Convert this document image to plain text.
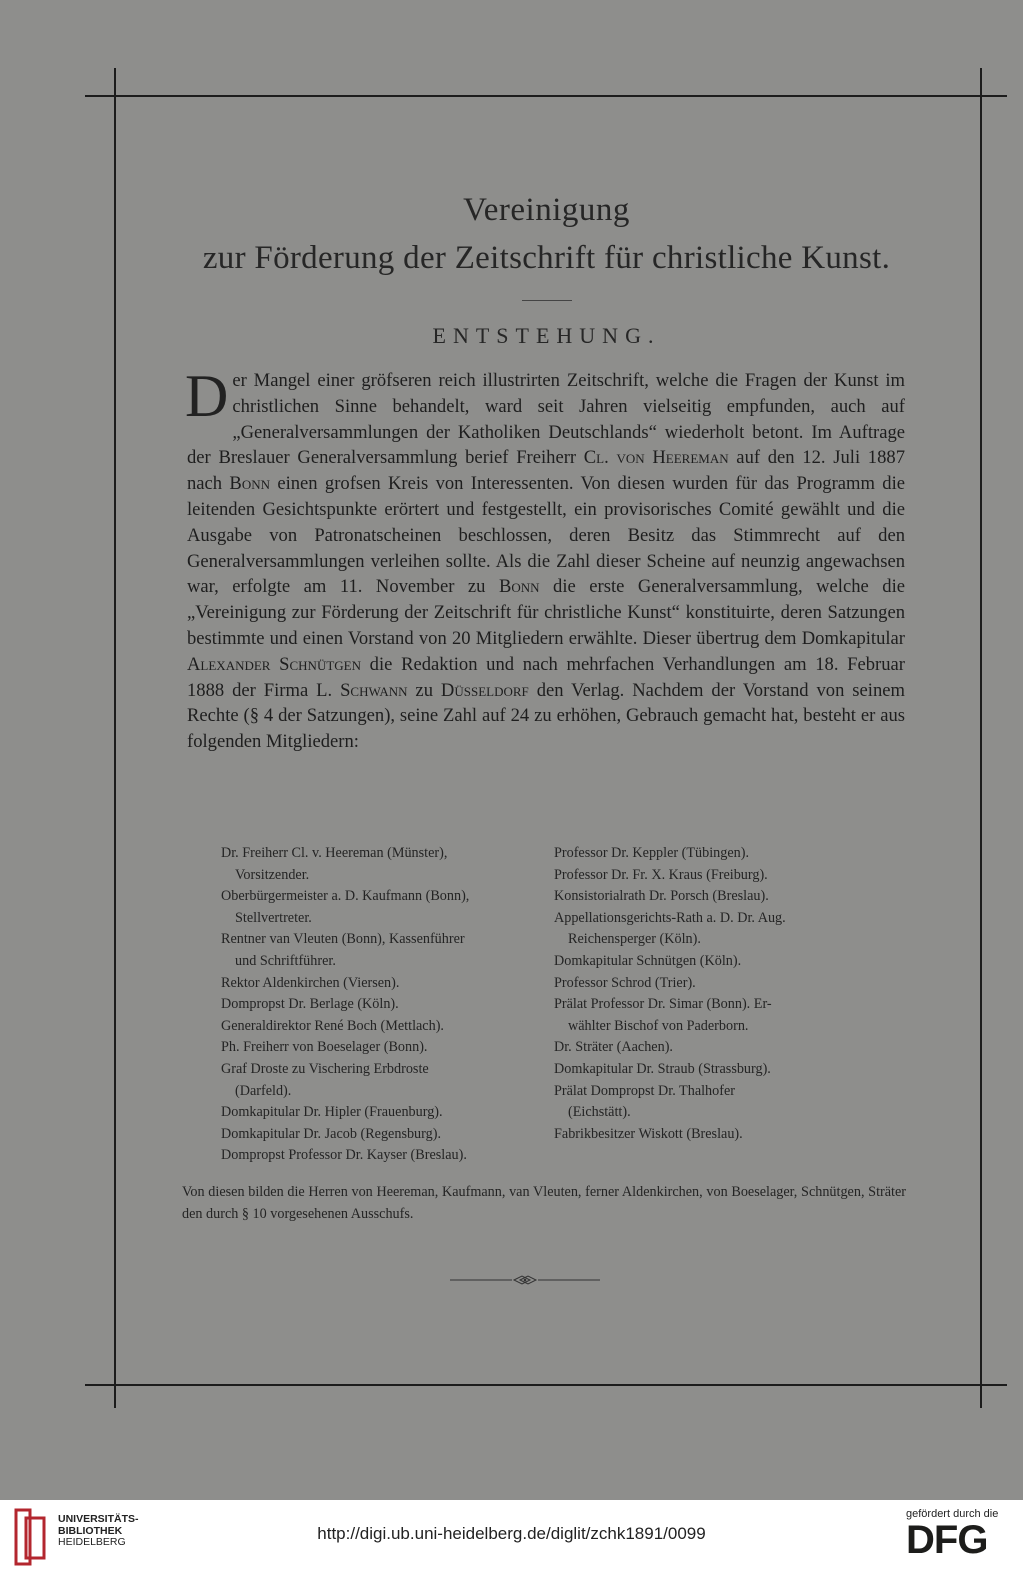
Vereinigung
zur Förderung der Zeitschrift für christliche Kunst.
ENTSTEHUNG.

Der Mangel einer gröfseren reich illustrirten Zeitschrift, welche die Fragen der Kunst im christlichen Sinne behandelt, ward seit Jahren vielseitig empfunden, auch auf „Generalversammlungen der Katholiken Deutschlands“ wiederholt betont. Im Auftrage der Breslauer Generalversammlung berief Freiherr Cl. von Heereman auf den 12. Juli 1887 nach Bonn einen grofsen Kreis von Interessenten. Von diesen wurden für das Programm die leitenden Gesichtspunkte erörtert und festgestellt, ein provisorisches Comité gewählt und die Ausgabe von Patronatscheinen beschlossen, deren Besitz das Stimmrecht auf den Generalversammlungen verleihen sollte. Als die Zahl dieser Scheine auf neunzig angewachsen war, erfolgte am 11. November zu Bonn die erste Generalversammlung, welche die „Vereinigung zur Förderung der Zeitschrift für christliche Kunst“ konstituirte, deren Satzungen bestimmte und einen Vorstand von 20 Mitgliedern erwählte. Dieser übertrug dem Domkapitular Alexander Schnütgen die Redaktion und nach mehrfachen Verhandlungen am 18. Februar 1888 der Firma L. Schwann zu Düsseldorf den Verlag. Nachdem der Vorstand von seinem Rechte (§ 4 der Satzungen), seine Zahl auf 24 zu erhöhen, Gebrauch gemacht hat, besteht er aus folgenden Mitgliedern:

Dr. Freiherr Cl. v. Heereman (Münster),
Vorsitzender.
Oberbürgermeister a. D. Kaufmann (Bonn),
Stellvertreter.
Rentner van Vleuten (Bonn), Kassenführer
und Schriftführer.
Rektor Aldenkirchen (Viersen).
Dompropst Dr. Berlage (Köln).
Generaldirektor René Boch (Mettlach).
Ph. Freiherr von Boeselager (Bonn).
Graf Droste zu Vischering Erbdroste
(Darfeld).
Domkapitular Dr. Hipler (Frauenburg).
Domkapitular Dr. Jacob (Regensburg).
Dompropst Professor Dr. Kayser (Breslau).
Professor Dr. Keppler (Tübingen).
Professor Dr. Fr. X. Kraus (Freiburg).
Konsistorialrath Dr. Porsch (Breslau).
Appellationsgerichts-Rath a. D. Dr. Aug.
Reichensperger (Köln).
Domkapitular Schnütgen (Köln).
Professor Schrod (Trier).
Prälat Professor Dr. Simar (Bonn). Er-
wählter Bischof von Paderborn.
Dr. Sträter (Aachen).
Domkapitular Dr. Straub (Strassburg).
Prälat Dompropst Dr. Thalhofer
(Eichstätt).
Fabrikbesitzer Wiskott (Breslau).
Von diesen bilden die Herren von Heereman, Kaufmann, van Vleuten, ferner Aldenkirchen, von Boeselager, Schnütgen, Sträter den durch § 10 vorgesehenen Ausschufs.
UNIVERSITÄTS-
BIBLIOTHEK
HEIDELBERG	http://digi.ub.uni-heidelberg.de/diglit/zchk1891/0099
gefördert durch die
DFG
